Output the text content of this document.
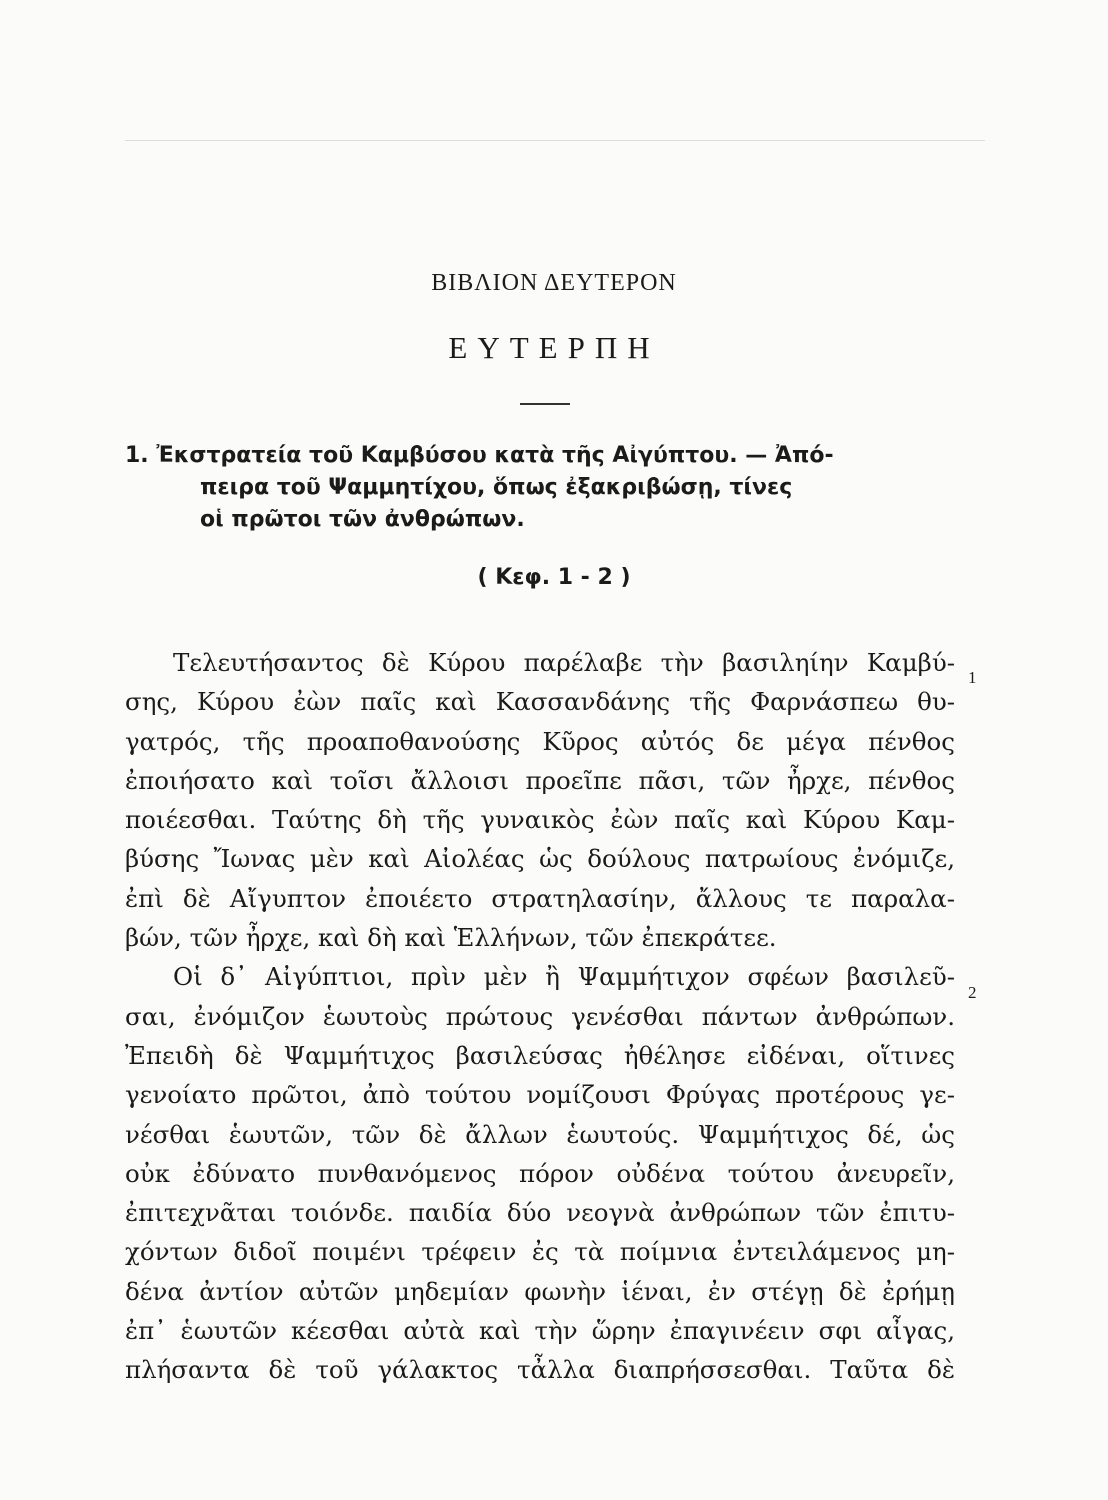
ΒΙΒΛΙΟΝ ΔΕΥΤΕΡΟΝ
ΕΥΤΕΡΠΗ
1. Ἐκστρατεία τοῦ Καμβύσου κατὰ τῆς Αἰγύπτου. — Ἀπό-
πειρα τοῦ Ψαμμητίχου, ὅπως ἐξακριβώσῃ, τίνες
οἱ πρῶτοι τῶν ἀνθρώπων.
( Κεφ. 1 - 2 )
1
2
Τελευτήσαντος δὲ Κύρου παρέλαβε τὴν βασιληίην Καμβύ-
σης, Κύρου ἐὼν παῖς καὶ Κασσανδάνης τῆς Φαρνάσπεω θυ-
γατρός, τῆς προαποθανούσης Κῦρος αὐτός δε μέγα πένθος
ἐποιήσατο καὶ τοῖσι ἄλλοισι προεῖπε πᾶσι, τῶν ἦρχε, πένθος
ποιέεσθαι. Ταύτης δὴ τῆς γυναικὸς ἐὼν παῖς καὶ Κύρου Καμ-
βύσης Ἴωνας μὲν καὶ Αἰολέας ὡς δούλους πατρωίους ἐνόμιζε,
ἐπὶ δὲ Αἴγυπτον ἐποιέετο στρατηλασίην, ἄλλους τε παραλα-
βών, τῶν ἦρχε, καὶ δὴ καὶ Ἑλλήνων, τῶν ἐπεκράτεε.
Οἱ δ᾽ Αἰγύπτιοι, πρὶν μὲν ἢ Ψαμμήτιχον σφέων βασιλεῦ-
σαι, ἐνόμιζον ἑωυτοὺς πρώτους γενέσθαι πάντων ἀνθρώπων.
Ἐπειδὴ δὲ Ψαμμήτιχος βασιλεύσας ἠθέλησε εἰδέναι, οἵτινες
γενοίατο πρῶτοι, ἀπὸ τούτου νομίζουσι Φρύγας προτέρους γε-
νέσθαι ἑωυτῶν, τῶν δὲ ἄλλων ἑωυτούς. Ψαμμήτιχος δέ, ὡς
οὐκ ἐδύνατο πυνθανόμενος πόρον οὐδένα τούτου ἀνευρεῖν,
ἐπιτεχνᾶται τοιόνδε. παιδία δύο νεογνὰ ἀνθρώπων τῶν ἐπιτυ-
χόντων διδοῖ ποιμένι τρέφειν ἐς τὰ ποίμνια ἐντειλάμενος μη-
δένα ἀντίον αὐτῶν μηδεμίαν φωνὴν ἱέναι, ἐν στέγῃ δὲ ἐρήμῃ
ἐπ᾽ ἑωυτῶν κέεσθαι αὐτὰ καὶ τὴν ὥρην ἐπαγινέειν σφι αἶγας,
πλήσαντα δὲ τοῦ γάλακτος τἆλλα διαπρήσσεσθαι. Ταῦτα δὲ
